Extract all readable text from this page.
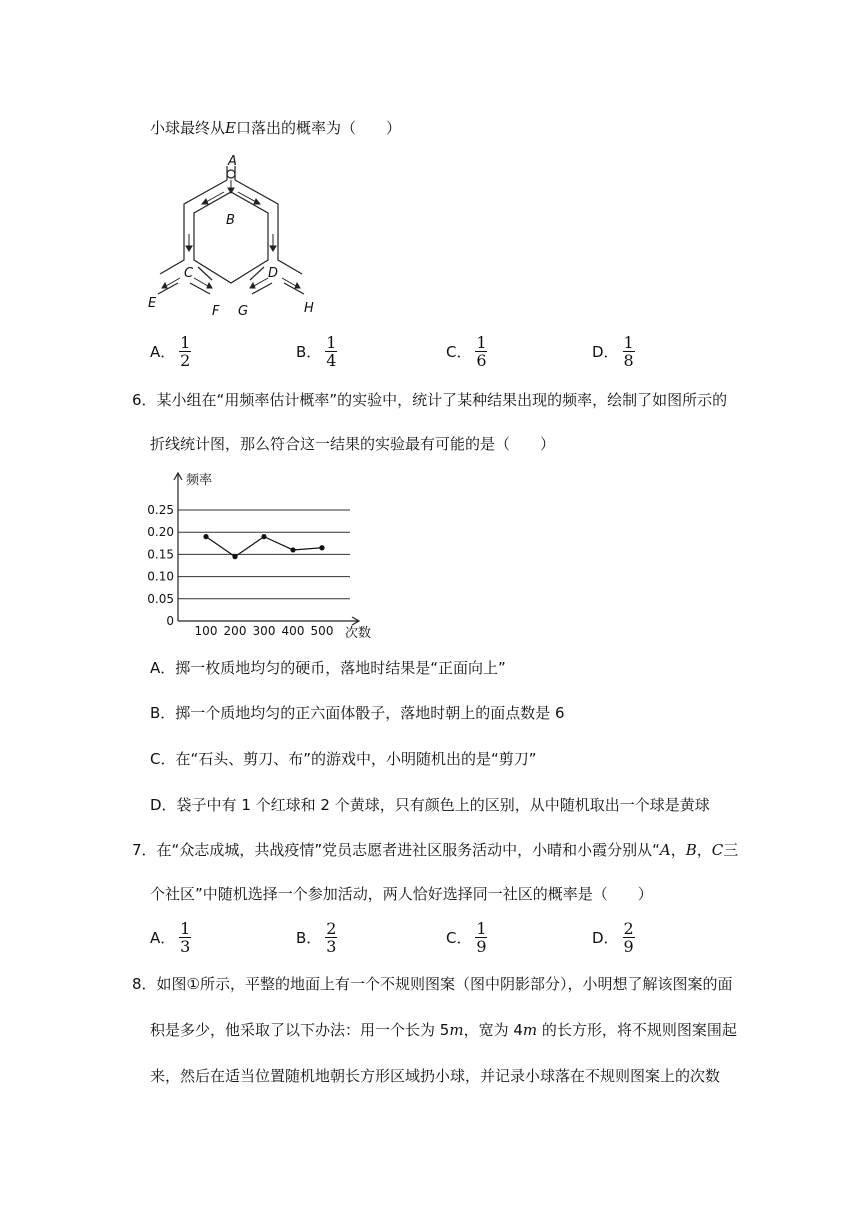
小球最终从E口落出的概率为（　　）
A
B
C	D
E
F G	H
A． $\frac{1}{2}$	B． $\frac{1}{4}$	C． $\frac{1}{6}$	D． $\frac{1}{8}$
6．某小组在“用频率估计概率”的实验中，统计了某种结果出现的频率，绘制了如图所示的
折线统计图，那么符合这一结果的实验最有可能的是（　　）
0
0.05
0.10
0.15
0.20
0.25
频率
次数
100 200 300 400 500
A．掷一枚质地均匀的硬币，落地时结果是“正面向上”
B．掷一个质地均匀的正六面体骰子，落地时朝上的面点数是 6
C．在“石头、剪刀、布”的游戏中，小明随机出的是“剪刀”
D．袋子中有 1 个红球和 2 个黄球，只有颜色上的区别，从中随机取出一个球是黄球
7．在“众志成城，共战疫情”党员志愿者进社区服务活动中，小晴和小霞分别从“A，B，C三
个社区”中随机选择一个参加活动，两人恰好选择同一社区的概率是（　　）
A． $\frac{1}{3}$	B． $\frac{2}{3}$	C． $\frac{1}{9}$	D． $\frac{2}{9}$
8．如图①所示，平整的地面上有一个不规则图案（图中阴影部分），小明想了解该图案的面
积是多少，他采取了以下办法：用一个长为 5m，宽为 4m 的长方形，将不规则图案围起
来，然后在适当位置随机地朝长方形区域扔小球，并记录小球落在不规则图案上的次数
